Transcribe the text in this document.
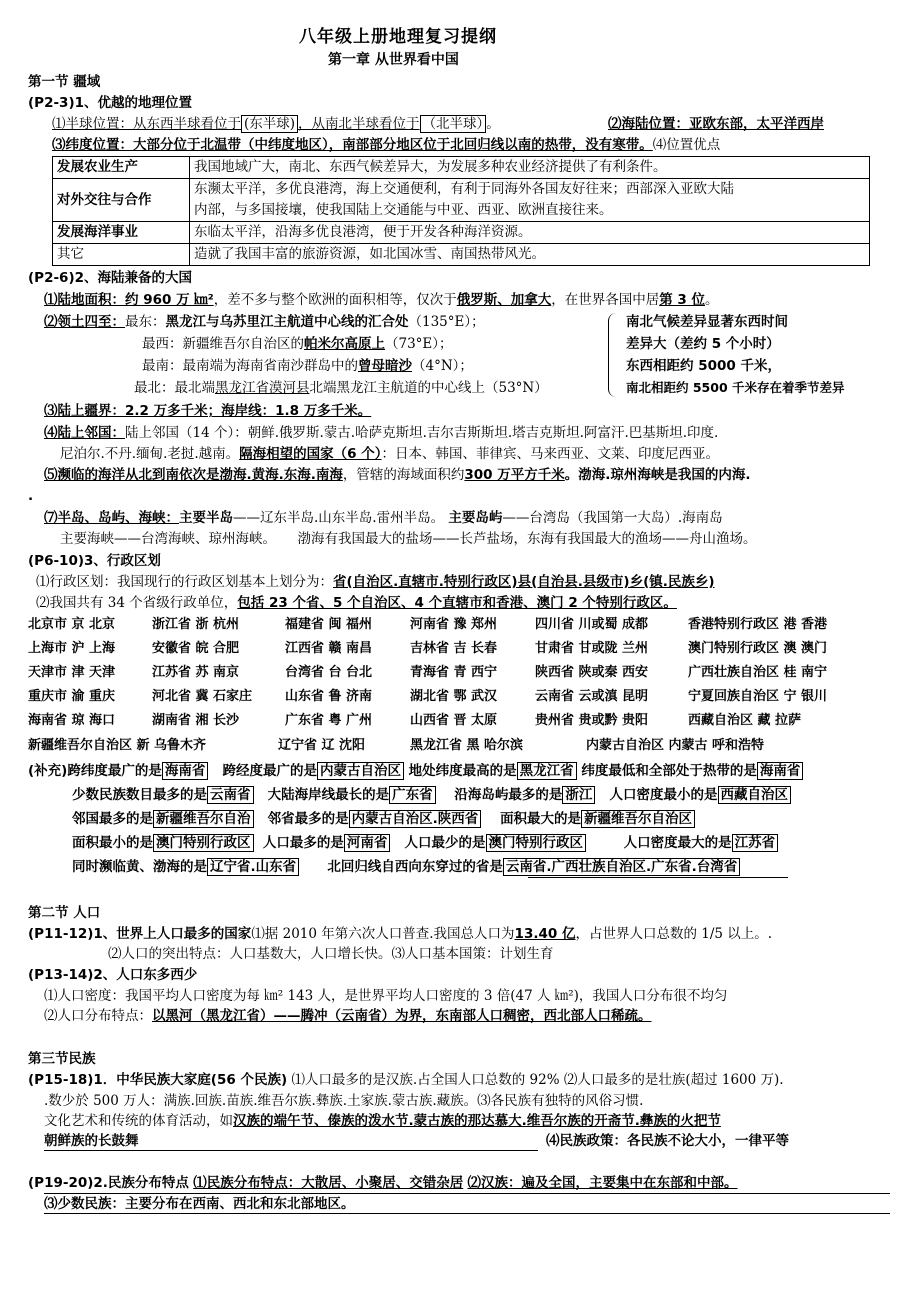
八年级上册地理复习提纲
第一章 从世界看中国
第一节 疆域
(P2-3)1、优越的地理位置
⑴半球位置：从东西半球看位于 (东半球) ，从南北半球看位于 （北半球） 。	⑵海陆位置：亚欧东部，太平洋西岸
⑶纬度位置：大部分位于北温带（中纬度地区），南部部分地区位于北回归线以南的热带，没有寒带。⑷位置优点
发展农业生产	我国地域广大，南北、东西气候差异大，为发展多种农业经济提供了有利条件。
对外交往与合作	东濒太平洋，多优良港湾，海上交通便利，有利于同海外各国友好往来；西部深入亚欧大陆
内部，与多国接壤，使我国陆上交通能与中亚、西亚、欧洲直接往来。

发展海洋事业	东临太平洋，沿海多优良港湾，便于开发各种海洋资源。
其它	造就了我国丰富的旅游资源，如北国冰雪、南国热带风光。
(P2-6)2、海陆兼备的大国
⑴陆地面积：约 960 万 ㎞²，差不多与整个欧洲的面积相等，仅次于俄罗斯、加拿大，在世界各国中居第 3 位。
⑵领土四至：最东：黑龙江与乌苏里江主航道中心线的汇合处（135°E）；
最西：新疆维吾尔自治区的帕米尔高原上（73°E）；
最南：最南端为海南省南沙群岛中的曾母暗沙（4°N）；
最北：最北端黑龙江省漠河县北端黑龙江主航道的中心线上（53°N）
南北气候差异显著东西时间
差异大（差约 5 个小时）
东西相距约 5000 千米，
南北相距约 5500 千米存在着季节差异
⑶陆上疆界：2.2 万多千米；海岸线：1.8 万多千米。
⑷陆上邻国：陆上邻国（14 个）：朝鲜.俄罗斯.蒙古.哈萨克斯坦.吉尔吉斯斯坦.塔吉克斯坦.阿富汗.巴基斯坦.印度.
尼泊尔.不丹.缅甸.老挝.越南。隔海相望的国家（6 个）：日本、韩国、菲律宾、马来西亚、文莱、印度尼西亚。
⑸濒临的海洋从北到南依次是渤海.黄海.东海.南海，管辖的海域面积约300 万平方千米。渤海.琼州海峡是我国的内海.
.
⑺半岛、岛屿、海峡：主要半岛——辽东半岛.山东半岛.雷州半岛。 主要岛屿——台湾岛（我国第一大岛）.海南岛
主要海峡——台湾海峡、琼州海峡。 渤海有我国最大的盐场——长芦盐场，东海有我国最大的渔场——舟山渔场。
(P6-10)3、行政区划
⑴行政区划：我国现行的行政区划基本上划分为：省(自治区.直辖市.特别行政区)县(自治县.县级市)乡(镇.民族乡)
⑵我国共有 34 个省级行政单位，包括 23 个省、5 个自治区、4 个直辖市和香港、澳门 2 个特别行政区。
北京市 京 北京	浙江省 浙 杭州	福建省 闽 福州	河南省 豫 郑州	四川省 川或蜀 成都	香港特别行政区 港 香港
上海市 沪 上海	安徽省 皖 合肥	江西省 赣 南昌	吉林省 吉 长春	甘肃省 甘或陇 兰州	澳门特别行政区 澳 澳门
天津市 津 天津	江苏省 苏 南京	台湾省 台 台北	青海省 青 西宁	陕西省 陕或秦 西安	广西壮族自治区 桂 南宁
重庆市 渝 重庆	河北省 冀 石家庄	山东省 鲁 济南	湖北省 鄂 武汉	云南省 云或滇 昆明	宁夏回族自治区 宁 银川
海南省 琼 海口	湖南省 湘 长沙	广东省 粤 广州	山西省 晋 太原	贵州省 贵或黔 贵阳	西藏自治区 藏 拉萨
新疆维吾尔自治区 新 乌鲁木齐	辽宁省 辽 沈阳	黑龙江省 黑 哈尔滨	内蒙古自治区 内蒙古 呼和浩特
(补充)跨纬度最广的是 海南省 跨经度最广的是 内蒙古自治区 地处纬度最高的是 黑龙江省 纬度最低和全部处于热带的是 海南省
少数民族数目最多的是 云南省 大陆海岸线最长的是 广东省 沿海岛屿最多的是 浙江 人口密度最小的是 西藏自治区
邻国最多的是 新疆维吾尔自治 邻省最多的是 内蒙古自治区.陕西省 面积最大的是 新疆维吾尔自治区
面积最小的是 澳门特别行政区 人口最多的是 河南省 人口最少的是 澳门特别行政区	人口密度最大的是 江苏省
同时濒临黄、渤海的是 辽宁省.山东省 北回归线自西向东穿过的省是 云南省.广西壮族自治区.广东省.台湾省
第二节 人口
(P11-12)1、世界上人口最多的国家⑴据 2010 年第六次人口普查.我国总人口为13.40 亿，占世界人口总数的 1/5 以上。.
⑵人口的突出特点：人口基数大，人口增长快。⑶人口基本国策：计划生育
(P13-14)2、人口东多西少
⑴人口密度：我国平均人口密度为每 ㎞² 143 人，是世界平均人口密度的 3 倍(47 人 ㎞²)，我国人口分布很不均匀
⑵人口分布特点：以黑河（黑龙江省）——腾冲（云南省）为界，东南部人口稠密，西北部人口稀疏。
第三节民族
(P15-18)1．中华民族大家庭(56 个民族) ⑴人口最多的是汉族.占全国人口总数的 92% ⑵人口最多的是壮族(超过 1600 万).
.数少於 500 万人：满族.回族.苗族.维吾尔族.彝族.土家族.蒙古族.藏族。⑶各民族有独特的风俗习惯.
文化艺术和传统的体育活动，如汉族的端午节、傣族的泼水节.蒙古族的那达慕大.维吾尔族的开斋节.彝族的火把节
朝鲜族的长鼓舞	⑷民族政策：各民族不论大小，一律平等
(P19-20)2.民族分布特点 ⑴民族分布特点：大散居、小聚居、交错杂居 ⑵汉族：遍及全国，主要集中在东部和中部。
⑶少数民族：主要分布在西南、西北和东北部地区。
